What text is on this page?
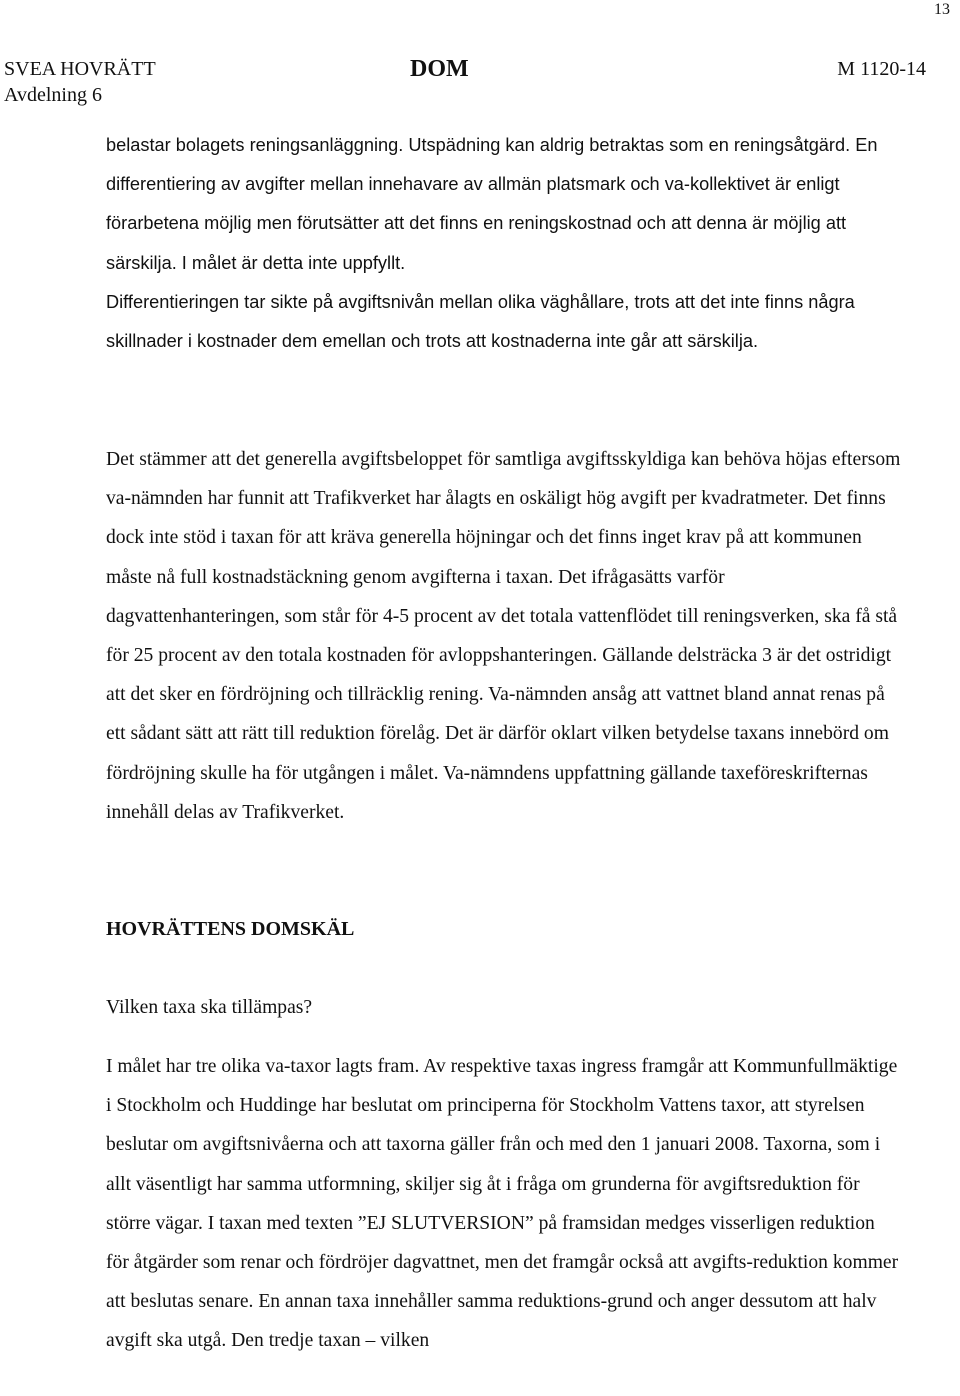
13
SVEA HOVRÄTT
Avdelning 6
DOM	M 1120-14

belastar bolagets reningsanläggning. Utspädning kan aldrig betraktas som en reningsåtgärd. En differentiering av avgifter mellan innehavare av allmän platsmark och va-kollektivet är enligt förarbetena möjlig men förutsätter att det finns en reningskostnad och att denna är möjlig att särskilja. I målet är detta inte uppfyllt.

Differentieringen tar sikte på avgiftsnivån mellan olika väghållare, trots att det inte finns några skillnader i kostnader dem emellan och trots att kostnaderna inte går att särskilja.

Det stämmer att det generella avgiftsbeloppet för samtliga avgiftsskyldiga kan behöva höjas eftersom va-nämnden har funnit att Trafikverket har ålagts en oskäligt hög avgift per kvadratmeter. Det finns dock inte stöd i taxan för att kräva generella höjningar och det finns inget krav på att kommunen måste nå full kostnadstäckning genom avgifterna i taxan. Det ifrågasätts varför dagvattenhanteringen, som står för 4-5 procent av det totala vattenflödet till reningsverken, ska få stå för 25 procent av den totala kostnaden för avloppshanteringen. Gällande delsträcka 3 är det ostridigt att det sker en fördröjning och tillräcklig rening. Va-nämnden ansåg att vattnet bland annat renas på ett sådant sätt att rätt till reduktion förelåg. Det är därför oklart vilken betydelse taxans innebörd om fördröjning skulle ha för utgången i målet. Va-nämndens uppfattning gällande taxeföreskrifternas innehåll delas av Trafikverket.

HOVRÄTTENS DOMSKÄL
Vilken taxa ska tillämpas?

I målet har tre olika va-taxor lagts fram. Av respektive taxas ingress framgår att Kommunfullmäktige i Stockholm och Huddinge har beslutat om principerna för Stockholm Vattens taxor, att styrelsen beslutar om avgiftsnivåerna och att taxorna gäller från och med den 1 januari 2008. Taxorna, som i allt väsentligt har samma utformning, skiljer sig åt i fråga om grunderna för avgiftsreduktion för större vägar. I taxan med texten ”EJ SLUTVERSION” på framsidan medges visserligen reduktion för åtgärder som renar och fördröjer dagvattnet, men det framgår också att avgifts-reduktion kommer att beslutas senare. En annan taxa innehåller samma reduktions-grund och anger dessutom att halv avgift ska utgå. Den tredje taxan – vilken
